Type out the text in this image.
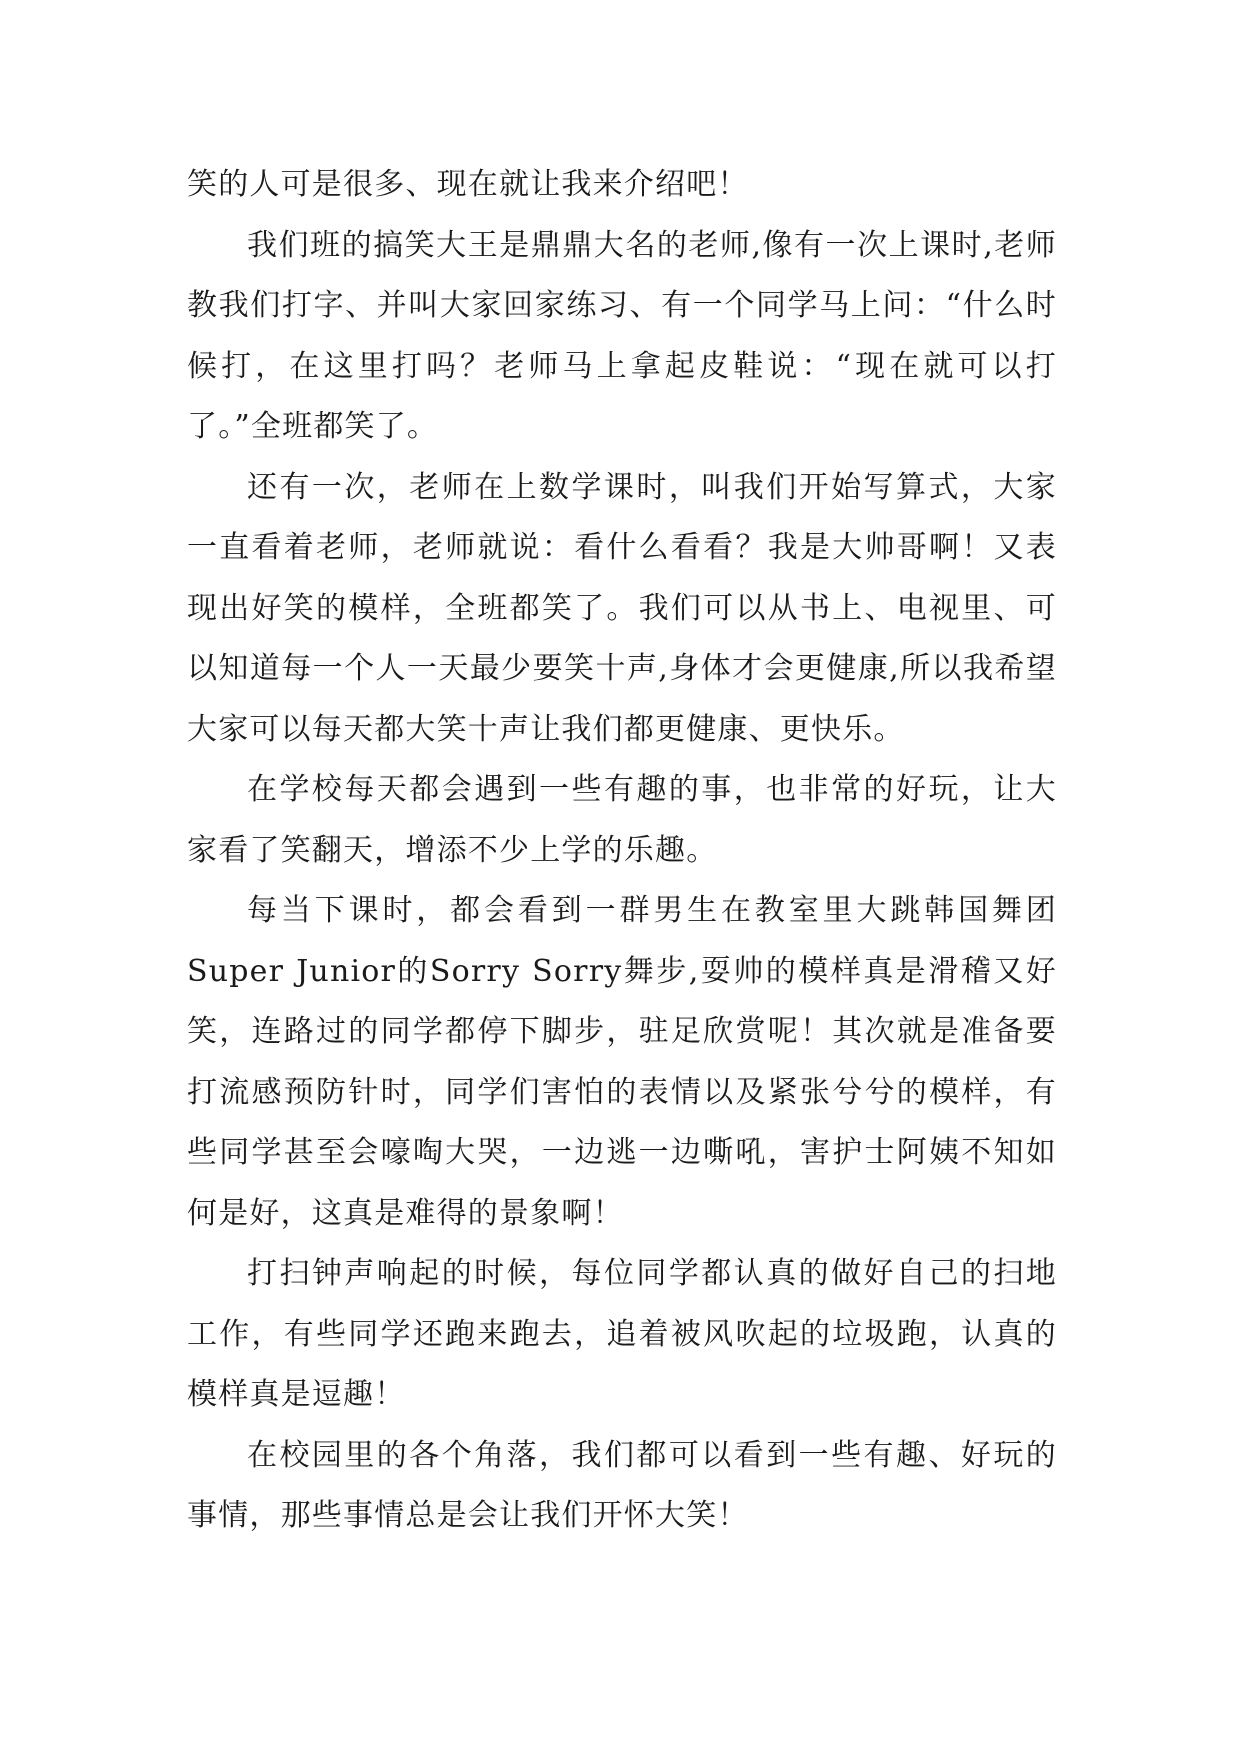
笑的人可是很多、现在就让我来介绍吧！

我们班的搞笑大王是鼎鼎大名的老师,像有一次上课时,老师教我们打字、并叫大家回家练习、有一个同学马上问：“什么时候打，在这里打吗？老师马上拿起皮鞋说：“现在就可以打了。”全班都笑了。

还有一次，老师在上数学课时，叫我们开始写算式，大家一直看着老师，老师就说：看什么看看？我是大帅哥啊！又表现出好笑的模样，全班都笑了。我们可以从书上、电视里、可以知道每一个人一天最少要笑十声,身体才会更健康,所以我希望大家可以每天都大笑十声让我们都更健康、更快乐。

在学校每天都会遇到一些有趣的事，也非常的好玩，让大家看了笑翻天，增添不少上学的乐趣。

每当下课时，都会看到一群男生在教室里大跳韩国舞团Super Junior的Sorry Sorry舞步,耍帅的模样真是滑稽又好笑，连路过的同学都停下脚步，驻足欣赏呢！其次就是准备要打流感预防针时，同学们害怕的表情以及紧张兮兮的模样，有些同学甚至会嚎啕大哭，一边逃一边嘶吼，害护士阿姨不知如何是好，这真是难得的景象啊！

打扫钟声响起的时候，每位同学都认真的做好自己的扫地工作，有些同学还跑来跑去，追着被风吹起的垃圾跑，认真的模样真是逗趣！

在校园里的各个角落，我们都可以看到一些有趣、好玩的事情，那些事情总是会让我们开怀大笑！
